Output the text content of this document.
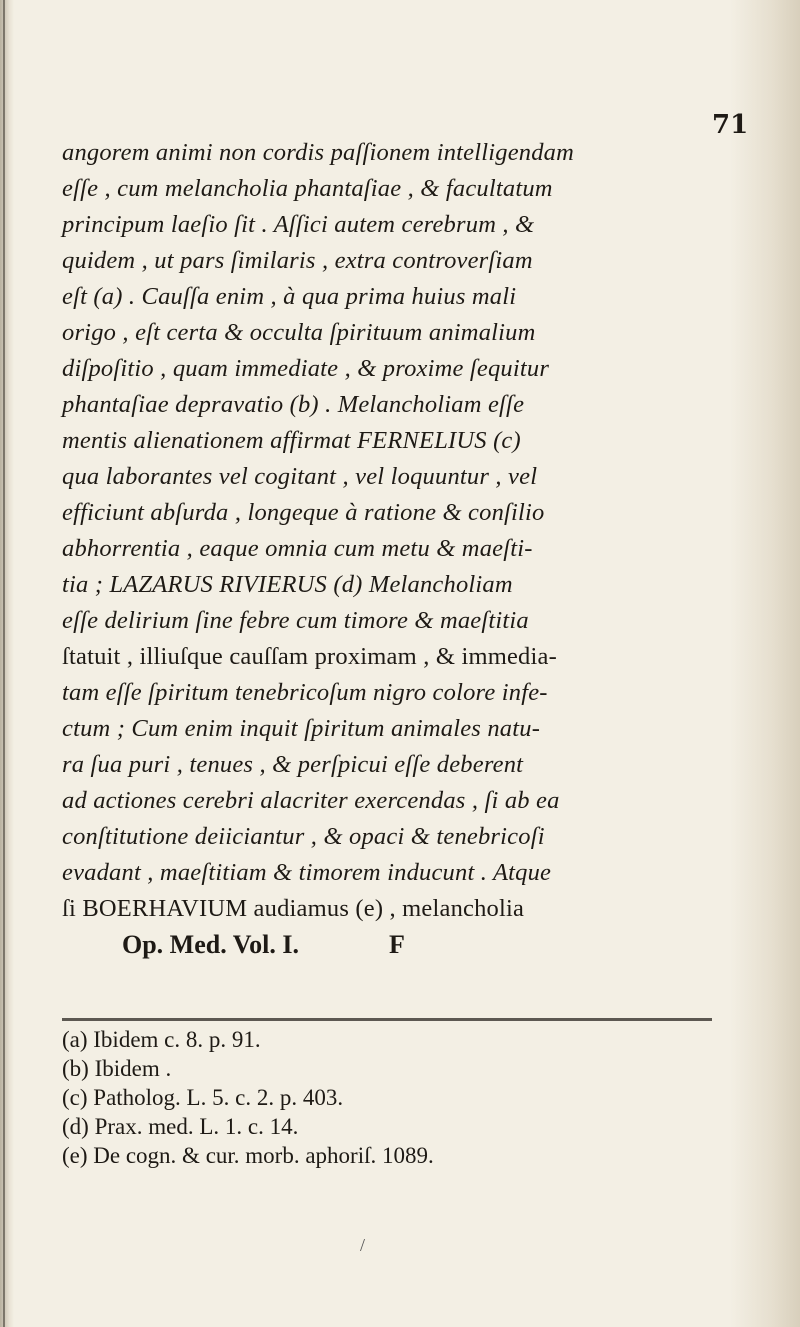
71

angorem animi non cordis paſſionem intelligendam
eſſe , cum melancholia phantaſiae , & facultatum
principum laeſio ſit . Aſſici autem cerebrum , &
quidem , ut pars ſimilaris , extra controverſiam
eſt (a) . Cauſſa enim , à qua prima huius mali
origo , eſt certa & occulta ſpirituum animalium
diſpoſitio , quam immediate , & proxime ſequitur
phantaſiae depravatio (b) . Melancholiam eſſe
mentis alienationem affirmat FERNELIUS (c)
qua laborantes vel cogitant , vel loquuntur , vel
efficiunt abſurda , longeque à ratione & conſilio
abhorrentia , eaque omnia cum metu & maeſti-
tia ; LAZARUS RIVIERUS (d) Melancholiam
eſſe delirium ſine febre cum timore & maeſtitia
ſtatuit , illiuſque cauſſam proximam , & immedia-
tam eſſe ſpiritum tenebricoſum nigro colore infe-
ctum ; Cum enim inquit ſpiritum animales natu-
ra ſua puri , tenues , & perſpicui eſſe deberent
ad actiones cerebri alacriter exercendas , ſi ab ea
conſtitutione deiiciantur , & opaci & tenebricoſi
evadant , maeſtitiam & timorem inducunt . Atque
ſi BOERHAVIUM audiamus (e) , melancholia
Op. Med. Vol. I.	F
(a) Ibidem c. 8. p. 91.
(b) Ibidem .
(c) Patholog. L. 5. c. 2. p. 403.
(d) Prax. med. L. 1. c. 14.
(e) De cogn. & cur. morb. aphoriſ. 1089.
/
